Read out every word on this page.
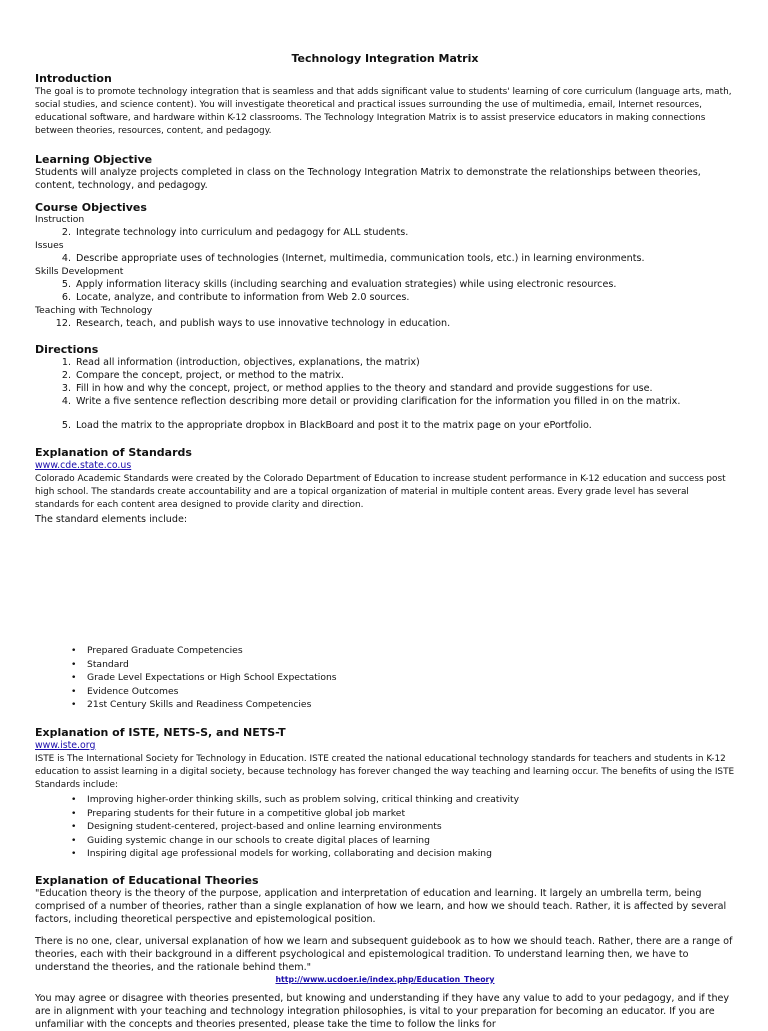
Technology Integration Matrix
Introduction
The goal is to promote technology integration that is seamless and that adds significant value to students' learning of core curriculum (language arts, math, social studies, and science content). You will investigate theoretical and practical issues surrounding the use of multimedia, email, Internet resources, educational software, and hardware within K-12 classrooms. The Technology Integration Matrix is to assist preservice educators in making connections between theories, resources, content, and pedagogy.
Learning Objective
Students will analyze projects completed in class on the Technology Integration Matrix to demonstrate the relationships between theories, content, technology, and pedagogy.
Course Objectives
Instruction
2. Integrate technology into curriculum and pedagogy for ALL students.
Issues
4. Describe appropriate uses of technologies (Internet, multimedia, communication tools, etc.) in learning environments.
Skills Development
5. Apply information literacy skills (including searching and evaluation strategies) while using electronic resources.
6. Locate, analyze, and contribute to information from Web 2.0 sources.
Teaching with Technology
12. Research, teach, and publish ways to use innovative technology in education.
Directions
1. Read all information (introduction, objectives, explanations, the matrix)
2. Compare the concept, project, or method to the matrix.
3. Fill in how and why the concept, project, or method applies to the theory and standard and provide suggestions for use.
4. Write a five sentence reflection describing more detail or providing clarification for the information you filled in on the matrix.
5. Load the matrix to the appropriate dropbox in BlackBoard and post it to the matrix page on your ePortfolio.
Explanation of Standards
www.cde.state.co.us
Colorado Academic Standards were created by the Colorado Department of Education to increase student performance in K-12 education and success post high school. The standards create accountability and are a topical organization of material in multiple content areas. Every grade level has several standards for each content area designed to provide clarity and direction.
The standard elements include:
• Prepared Graduate Competencies
• Standard
• Grade Level Expectations or High School Expectations
• Evidence Outcomes
• 21st Century Skills and Readiness Competencies
Explanation of ISTE, NETS-S, and NETS-T
www.iste.org
ISTE is The International Society for Technology in Education. ISTE created the national educational technology standards for teachers and students in K-12 education to assist learning in a digital society, because technology has forever changed the way teaching and learning occur. The benefits of using the ISTE Standards include:
• Improving higher-order thinking skills, such as problem solving, critical thinking and creativity
• Preparing students for their future in a competitive global job market
• Designing student-centered, project-based and online learning environments
• Guiding systemic change in our schools to create digital places of learning
• Inspiring digital age professional models for working, collaborating and decision making
Explanation of Educational Theories
"Education theory is the theory of the purpose, application and interpretation of education and learning. It largely an umbrella term, being comprised of a number of theories, rather than a single explanation of how we learn, and how we should teach. Rather, it is affected by several factors, including theoretical perspective and epistemological position.
There is no one, clear, universal explanation of how we learn and subsequent guidebook as to how we should teach. Rather, there are a range of theories, each with their background in a different psychological and epistemological tradition. To understand learning then, we have to understand the theories, and the rationale behind them."
http://www.ucdoer.ie/index.php/Education_Theory
You may agree or disagree with theories presented, but knowing and understanding if they have any value to add to your pedagogy, and if they are in alignment with your teaching and technology integration philosophies, is vital to your preparation for becoming an educator. If you are unfamiliar with the concepts and theories presented, please take the time to follow the links for
